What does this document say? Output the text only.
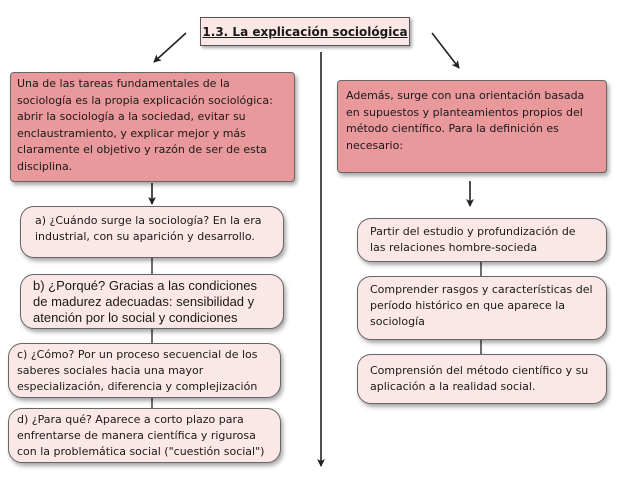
1.3. La explicación sociológica
Una de las tareas fundamentales de la sociología es la propia explicación sociológica: abrir la sociología a la sociedad, evitar su enclaustramiento, y explicar mejor y más claramente el objetivo y razón de ser de esta disciplina.
Además, surge con una orientación basada en supuestos y planteamientos propios del método científico. Para la definición es necesario:
a) ¿Cuándo surge la sociología? En la era industrial, con su aparición y desarrollo.
b) ¿Porqué? Gracias a las condiciones de madurez adecuadas: sensibilidad y atención por lo social y condiciones
c) ¿Cómo? Por un proceso secuencial de los saberes sociales hacia una mayor especialización, diferencia y complejización
d) ¿Para qué? Aparece a corto plazo para enfrentarse de manera científica y rigurosa con la problemática social ("cuestión social")
Partir del estudio y profundización de las relaciones hombre-socieda
Comprender rasgos y características del período histórico en que aparece la sociología
Comprensión del método científico y su aplicación a la realidad social.
